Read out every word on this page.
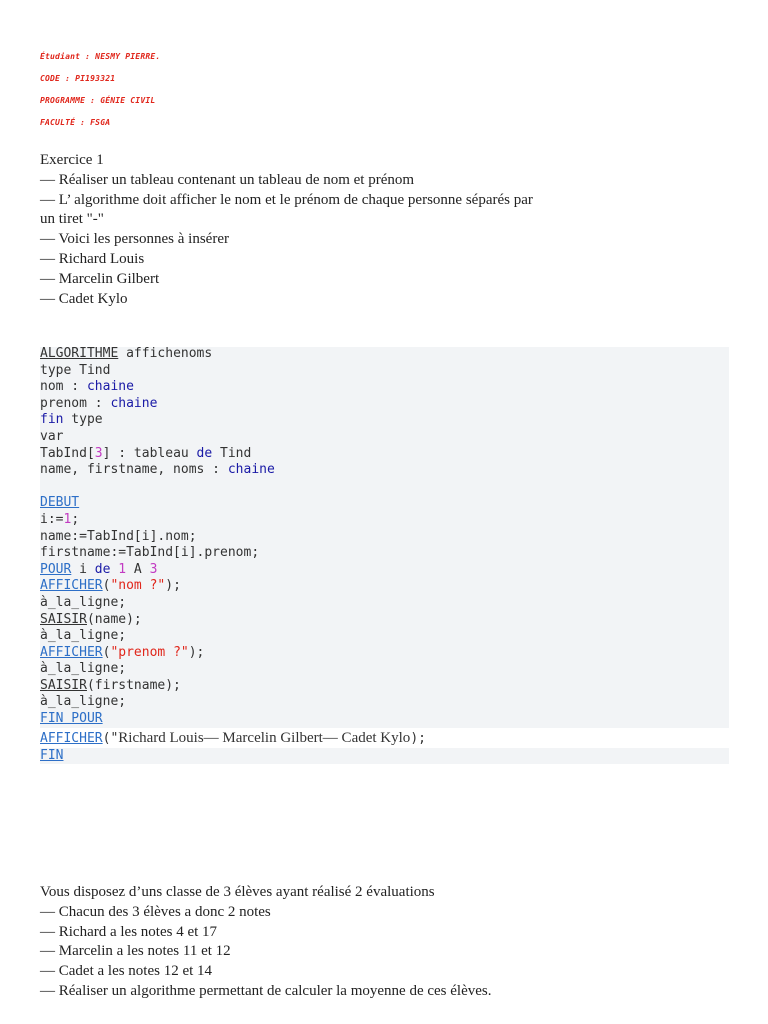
Étudiant : NESMY PIERRE.
CODE : PI193321
PROGRAMME : GÉNIE CIVIL
FACULTÉ : FSGA
Exercice 1
— Réaliser un tableau contenant un tableau de nom et prénom
— L’ algorithme doit afficher le nom et le prénom de chaque personne séparés par
un tiret "-"
— Voici les personnes à insérer
— Richard Louis
— Marcelin Gilbert
— Cadet Kylo
ALGORITHME affichenoms
type Tind
nom : chaine
prenom : chaine
fin type
var
TabInd[3] : tableau de Tind
name, firstname, noms : chaine
DEBUT
i:=1;
name:=TabInd[i].nom;
firstname:=TabInd[i].prenom;
POUR i de 1 A 3
AFFICHER("nom ?");
à_la_ligne;
SAISIR(name);
à_la_ligne;
AFFICHER("prenom ?");
à_la_ligne;
SAISIR(firstname);
à_la_ligne;
FIN POUR
AFFICHER("Richard Louis— Marcelin Gilbert— Cadet Kylo);
FIN
Vous disposez d’uns classe de 3 élèves ayant réalisé 2 évaluations
— Chacun des 3 élèves a donc 2 notes
— Richard a les notes 4 et 17
— Marcelin a les notes 11 et 12
— Cadet a les notes 12 et 14
— Réaliser un algorithme permettant de calculer la moyenne de ces élèves.
